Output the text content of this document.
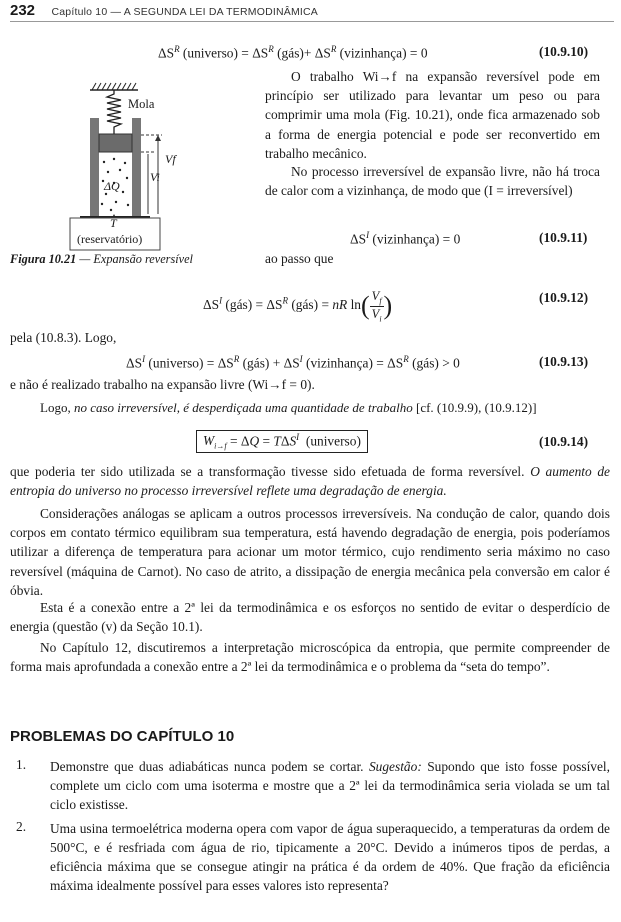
232 Capítulo 10 — A SEGUNDA LEI DA TERMODINÂMICA
$\Delta S^R$ (universo) = $\Delta S^R$ (gás)+ $\Delta S^R$ (vizinhança) = 0	(10.9.10)
Mola
ΔQ
Vf
Vi
T
(reservatório)
Figura 10.21 — Expansão reversível
O trabalho Wi→f na expansão reversível pode em princípio ser utilizado para levantar um peso ou para comprimir uma mola (Fig. 10.21), onde fica armazenado sob a forma de energia potencial e pode ser reconvertido em trabalho mecânico.
No processo irreversível de expansão livre, não há troca de calor com a vizinhança, de modo que (I = irreversível)
$\Delta S^I$ (vizinhança) = 0	(10.9.11)
ao passo que
$\Delta S^I$ (gás) = $\Delta S^R$ (gás) = nR $\ln( \frac{V_f}{V_i}$ )	(10.9.12)
pela (10.8.3). Logo,
$\Delta S^I$ (universo) = $\Delta S^R$ (gás) + $\Delta S^I$ (vizinhança) = $\Delta S^R$ (gás) > 0	(10.9.13)
e não é realizado trabalho na expansão livre (Wi→f = 0).
Logo, no caso irreversível, é desperdiçada uma quantidade de trabalho [cf. (10.9.9), (10.9.12)]
$W_{i\to f} = \Delta Q = T\Delta S^I$  (universo)	(10.9.14)
que poderia ter sido utilizada se a transformação tivesse sido efetuada de forma reversível. O aumento de entropia do universo no processo irreversível reflete uma degradação de energia.
Considerações análogas se aplicam a outros processos irreversíveis. Na condução de calor, quando dois corpos em contato térmico equilibram sua temperatura, está havendo degradação de energia, pois poderíamos utilizar a diferença de temperatura para acionar um motor térmico, cujo rendimento seria máximo no caso reversível (máquina de Carnot). No caso de atrito, a dissipação de energia mecânica pela conversão em calor é óbvia.
Esta é a conexão entre a 2ª lei da termodinâmica e os esforços no sentido de evitar o desperdício de energia (questão (v) da Seção 10.1).
No Capítulo 12, discutiremos a interpretação microscópica da entropia, que permite compreender de forma mais aprofundada a conexão entre a 2ª lei da termodinâmica e o problema da “seta do tempo”.
PROBLEMAS DO CAPÍTULO 10
1. Demonstre que duas adiabáticas nunca podem se cortar. Sugestão: Supondo que isto fosse possível, complete um ciclo com uma isoterma e mostre que a 2ª lei da termodinâmica seria violada se um tal ciclo existisse.
2. Uma usina termoelétrica moderna opera com vapor de água superaquecido, a temperaturas da ordem de 500°C, e é resfriada com água de rio, tipicamente a 20°C. Devido a inúmeros tipos de perdas, a eficiência máxima que se consegue atingir na prática é da ordem de 40%. Que fração da eficiência máxima idealmente possível para esses valores isto representa?
